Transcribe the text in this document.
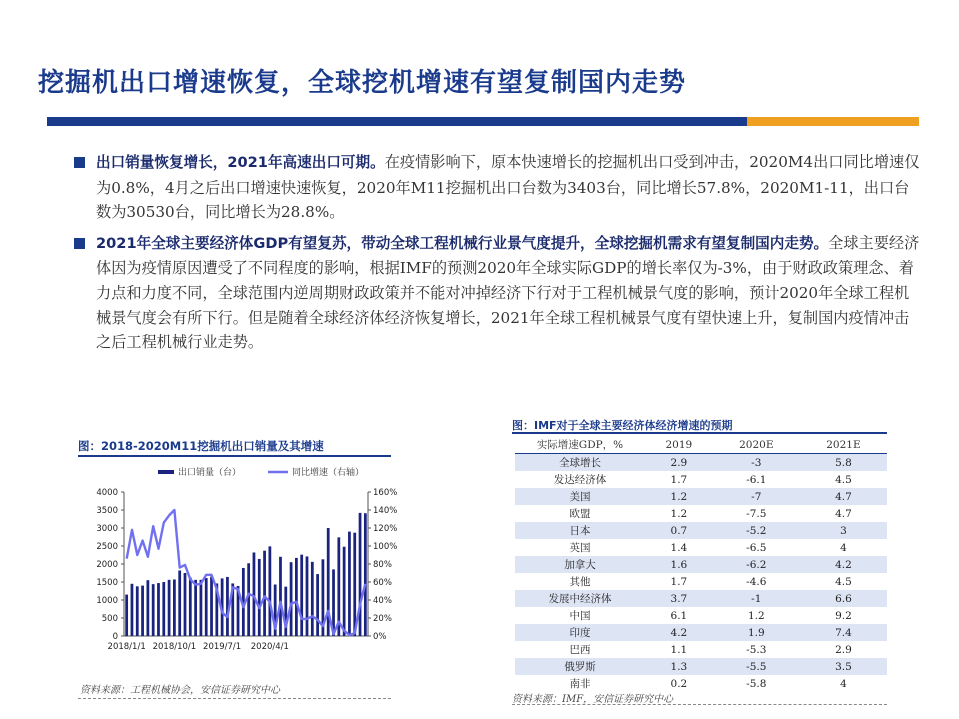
挖掘机出口增速恢复，全球挖机增速有望复制国内走势
出口销量恢复增长，2021年高速出口可期。在疫情影响下，原本快速增长的挖掘机出口受到冲击，2020M4出口同比增速仅为0.8%，4月之后出口增速快速恢复，2020年M11挖掘机出口台数为3403台，同比增长57.8%，2020M1-11，出口台数为30530台，同比增长为28.8%。
2021年全球主要经济体GDP有望复苏，带动全球工程机械行业景气度提升，全球挖掘机需求有望复制国内走势。全球主要经济体因为疫情原因遭受了不同程度的影响，根据IMF的预测2020年全球实际GDP的增长率仅为-3%，由于财政政策理念、着力点和力度不同，全球范围内逆周期财政政策并不能对冲掉经济下行对于工程机械景气度的影响，预计2020年全球工程机械景气度会有所下行。但是随着全球经济体经济恢复增长，2021年全球工程机械景气度有望快速上升，复制国内疫情冲击之后工程机械行业走势。
图：2018-2020M11挖掘机出口销量及其增速
出口销量（台）	同比增速（右轴）
0
500
1000
1500
2000
2500
3000
3500
4000
0%
20%
40%
60%
80%
100%
120%
140%
160%
2018/1/1 2018/10/1 2019/7/1 2020/4/1
资料来源：工程机械协会，安信证券研究中心
图：IMF对于全球主要经济体经济增速的预期
实际增速GDP，%	2019	2020E	2021E
全球增长	2.9	-3	5.8
发达经济体	1.7	-6.1	4.5
美国	1.2	-7	4.7
欧盟	1.2	-7.5	4.7
日本	0.7	-5.2	3
英国	1.4	-6.5	4
加拿大	1.6	-6.2	4.2
其他	1.7	-4.6	4.5
发展中经济体	3.7	-1	6.6
中国	6.1	1.2	9.2
印度	4.2	1.9	7.4
巴西	1.1	-5.3	2.9
俄罗斯	1.3	-5.5	3.5
南非	0.2	-5.8	4
资料来源：IMF，安信证券研究中心
